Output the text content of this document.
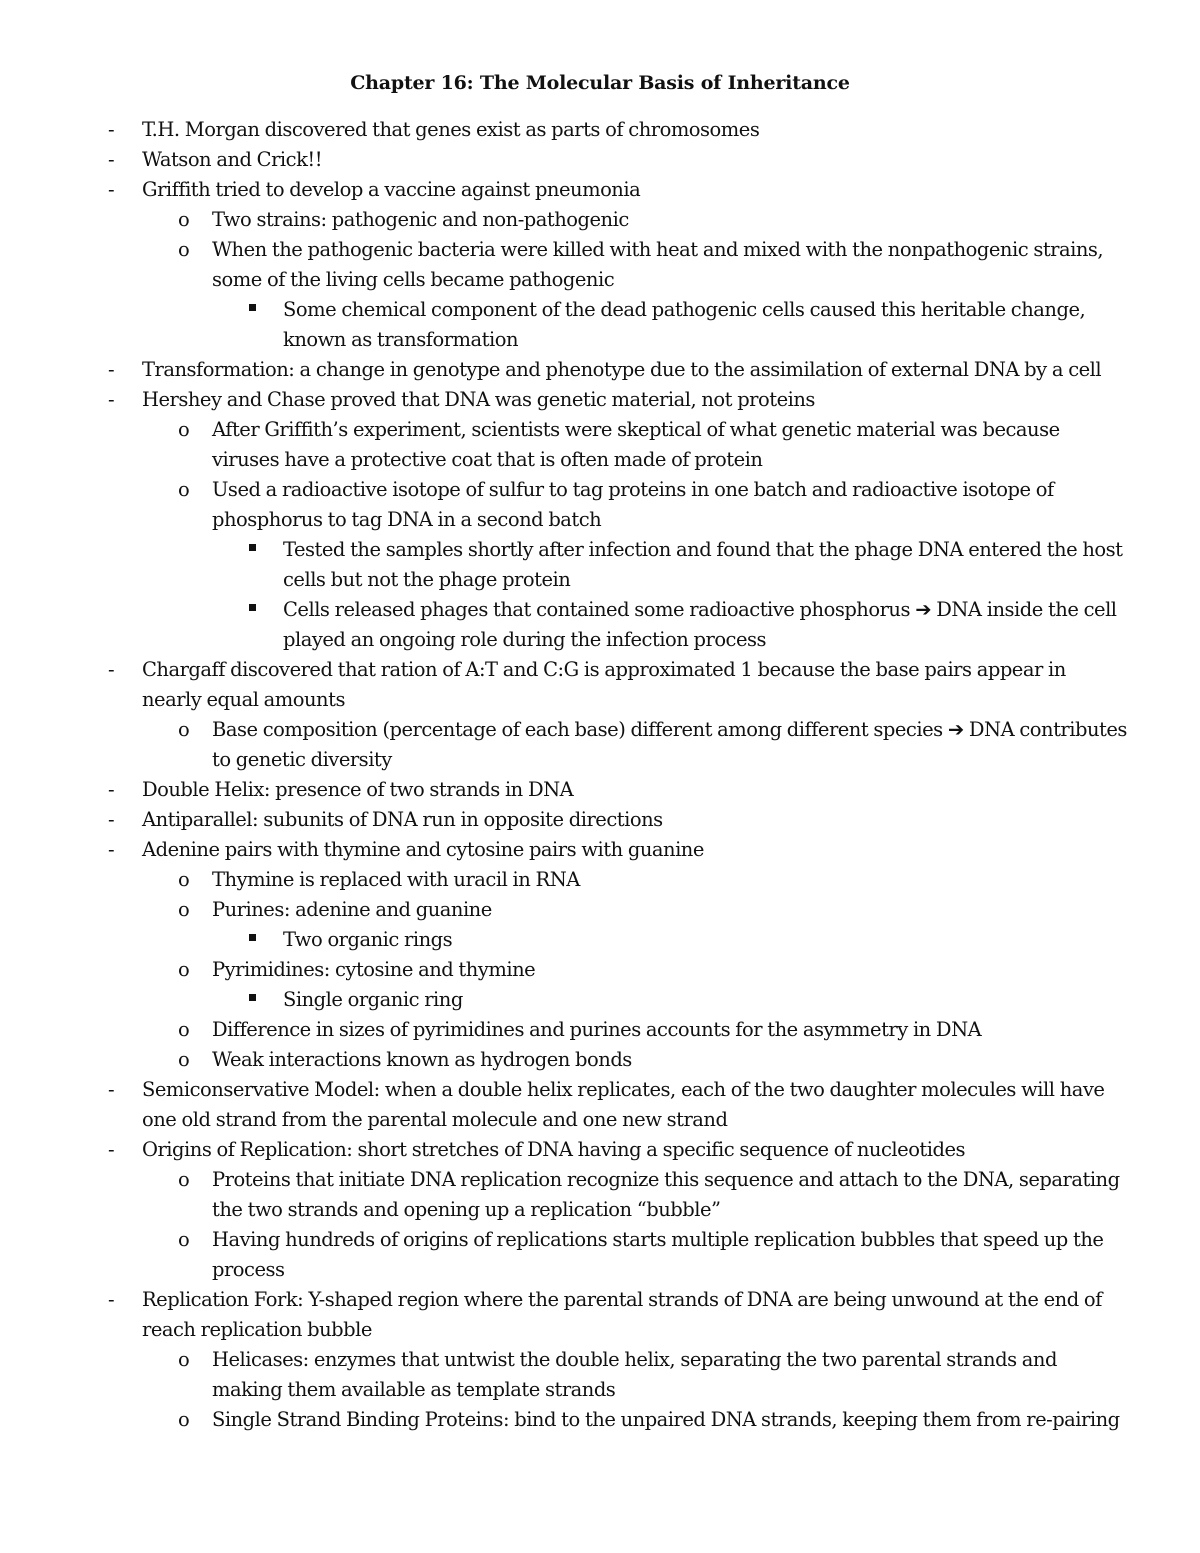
Chapter 16: The Molecular Basis of Inheritance
- T.H. Morgan discovered that genes exist as parts of chromosomes
- Watson and Crick!!
- Griffith tried to develop a vaccine against pneumonia
o Two strains: pathogenic and non-pathogenic
o When the pathogenic bacteria were killed with heat and mixed with the nonpathogenic strains, some of the living cells became pathogenic
Some chemical component of the dead pathogenic cells caused this heritable change, known as transformation
- Transformation: a change in genotype and phenotype due to the assimilation of external DNA by a cell
- Hershey and Chase proved that DNA was genetic material, not proteins
o After Griffith’s experiment, scientists were skeptical of what genetic material was because viruses have a protective coat that is often made of protein
o Used a radioactive isotope of sulfur to tag proteins in one batch and radioactive isotope of phosphorus to tag DNA in a second batch
Tested the samples shortly after infection and found that the phage DNA entered the host cells but not the phage protein
Cells released phages that contained some radioactive phosphorus ➔ DNA inside the cell played an ongoing role during the infection process
- Chargaff discovered that ration of A:T and C:G is approximated 1 because the base pairs appear in nearly equal amounts
o Base composition (percentage of each base) different among different species ➔ DNA contributes to genetic diversity
- Double Helix: presence of two strands in DNA
- Antiparallel: subunits of DNA run in opposite directions
- Adenine pairs with thymine and cytosine pairs with guanine
o Thymine is replaced with uracil in RNA
o Purines: adenine and guanine
Two organic rings
o Pyrimidines: cytosine and thymine
Single organic ring
o Difference in sizes of pyrimidines and purines accounts for the asymmetry in DNA
o Weak interactions known as hydrogen bonds
- Semiconservative Model: when a double helix replicates, each of the two daughter molecules will have one old strand from the parental molecule and one new strand
- Origins of Replication: short stretches of DNA having a specific sequence of nucleotides
o Proteins that initiate DNA replication recognize this sequence and attach to the DNA, separating the two strands and opening up a replication “bubble”
o Having hundreds of origins of replications starts multiple replication bubbles that speed up the process
- Replication Fork: Y-shaped region where the parental strands of DNA are being unwound at the end of reach replication bubble
o Helicases: enzymes that untwist the double helix, separating the two parental strands and making them available as template strands
o Single Strand Binding Proteins: bind to the unpaired DNA strands, keeping them from re-pairing
